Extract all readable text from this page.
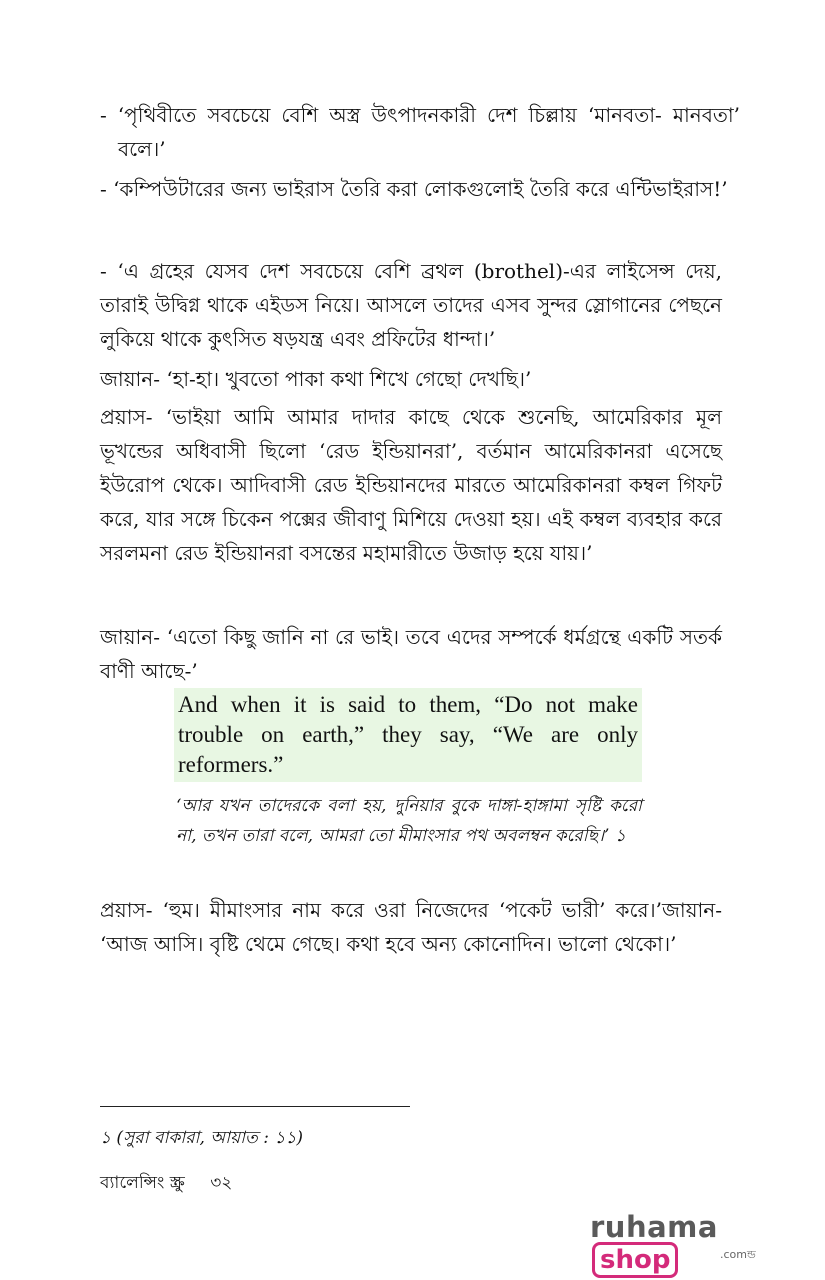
- ‘পৃথিবীতে সবচেয়ে বেশি অস্ত্র উৎপাদনকারী দেশ চিল্লায় ‘মানবতা- মানবতা’ বলে।’

- ‘কম্পিউটারের জন্য ভাইরাস তৈরি করা লোকগুলোই তৈরি করে এন্টিভাইরাস!’

- ‘এ গ্রহের যেসব দেশ সবচেয়ে বেশি ব্রথল (brothel)-এর লাইসেন্স দেয়, তারাই উদ্বিগ্ন থাকে এইডস নিয়ে। আসলে তাদের এসব সুন্দর স্লোগানের পেছনে লুকিয়ে থাকে কুৎসিত ষড়যন্ত্র এবং প্রফিটের ধান্দা।’

জায়ান- ‘হা-হা। খুবতো পাকা কথা শিখে গেছো দেখছি।’

প্রয়াস- ‘ভাইয়া আমি আমার দাদার কাছে থেকে শুনেছি, আমেরিকার মূল ভূখন্ডের অধিবাসী ছিলো ‘রেড ইন্ডিয়ানরা’, বর্তমান আমেরিকানরা এসেছে ইউরোপ থেকে। আদিবাসী রেড ইন্ডিয়ানদের মারতে আমেরিকানরা কম্বল গিফট করে, যার সঙ্গে চিকেন পক্সের জীবাণু মিশিয়ে দেওয়া হয়। এই কম্বল ব্যবহার করে সরলমনা রেড ইন্ডিয়ানরা বসন্তের মহামারীতে উজাড় হয়ে যায়।’

জায়ান- ‘এতো কিছু জানি না রে ভাই। তবে এদের সম্পর্কে ধর্মগ্রন্থে একটি সতর্ক বাণী আছে-’

And when it is said to them, “Do not make trouble on earth,” they say, “We are only reformers.”
‘আর যখন তাদেরকে বলা হয়, দুনিয়ার বুকে দাঙ্গা-হাঙ্গামা সৃষ্টি করো না, তখন তারা বলে, আমরা তো মীমাংসার পথ অবলম্বন করেছি।’ ১

প্রয়াস- ‘হুম। মীমাংসার নাম করে ওরা নিজেদের ‘পকেট ভারী’ করে।’জায়ান- ‘আজ আসি। বৃষ্টি থেমে গেছে। কথা হবে অন্য কোনোদিন। ভালো থেকো।’

১ (সুরা বাকারা, আয়াত : ১১)
ব্যালেন্সিং স্ক্রু ৩২
ruhamashop	.comন্ড
